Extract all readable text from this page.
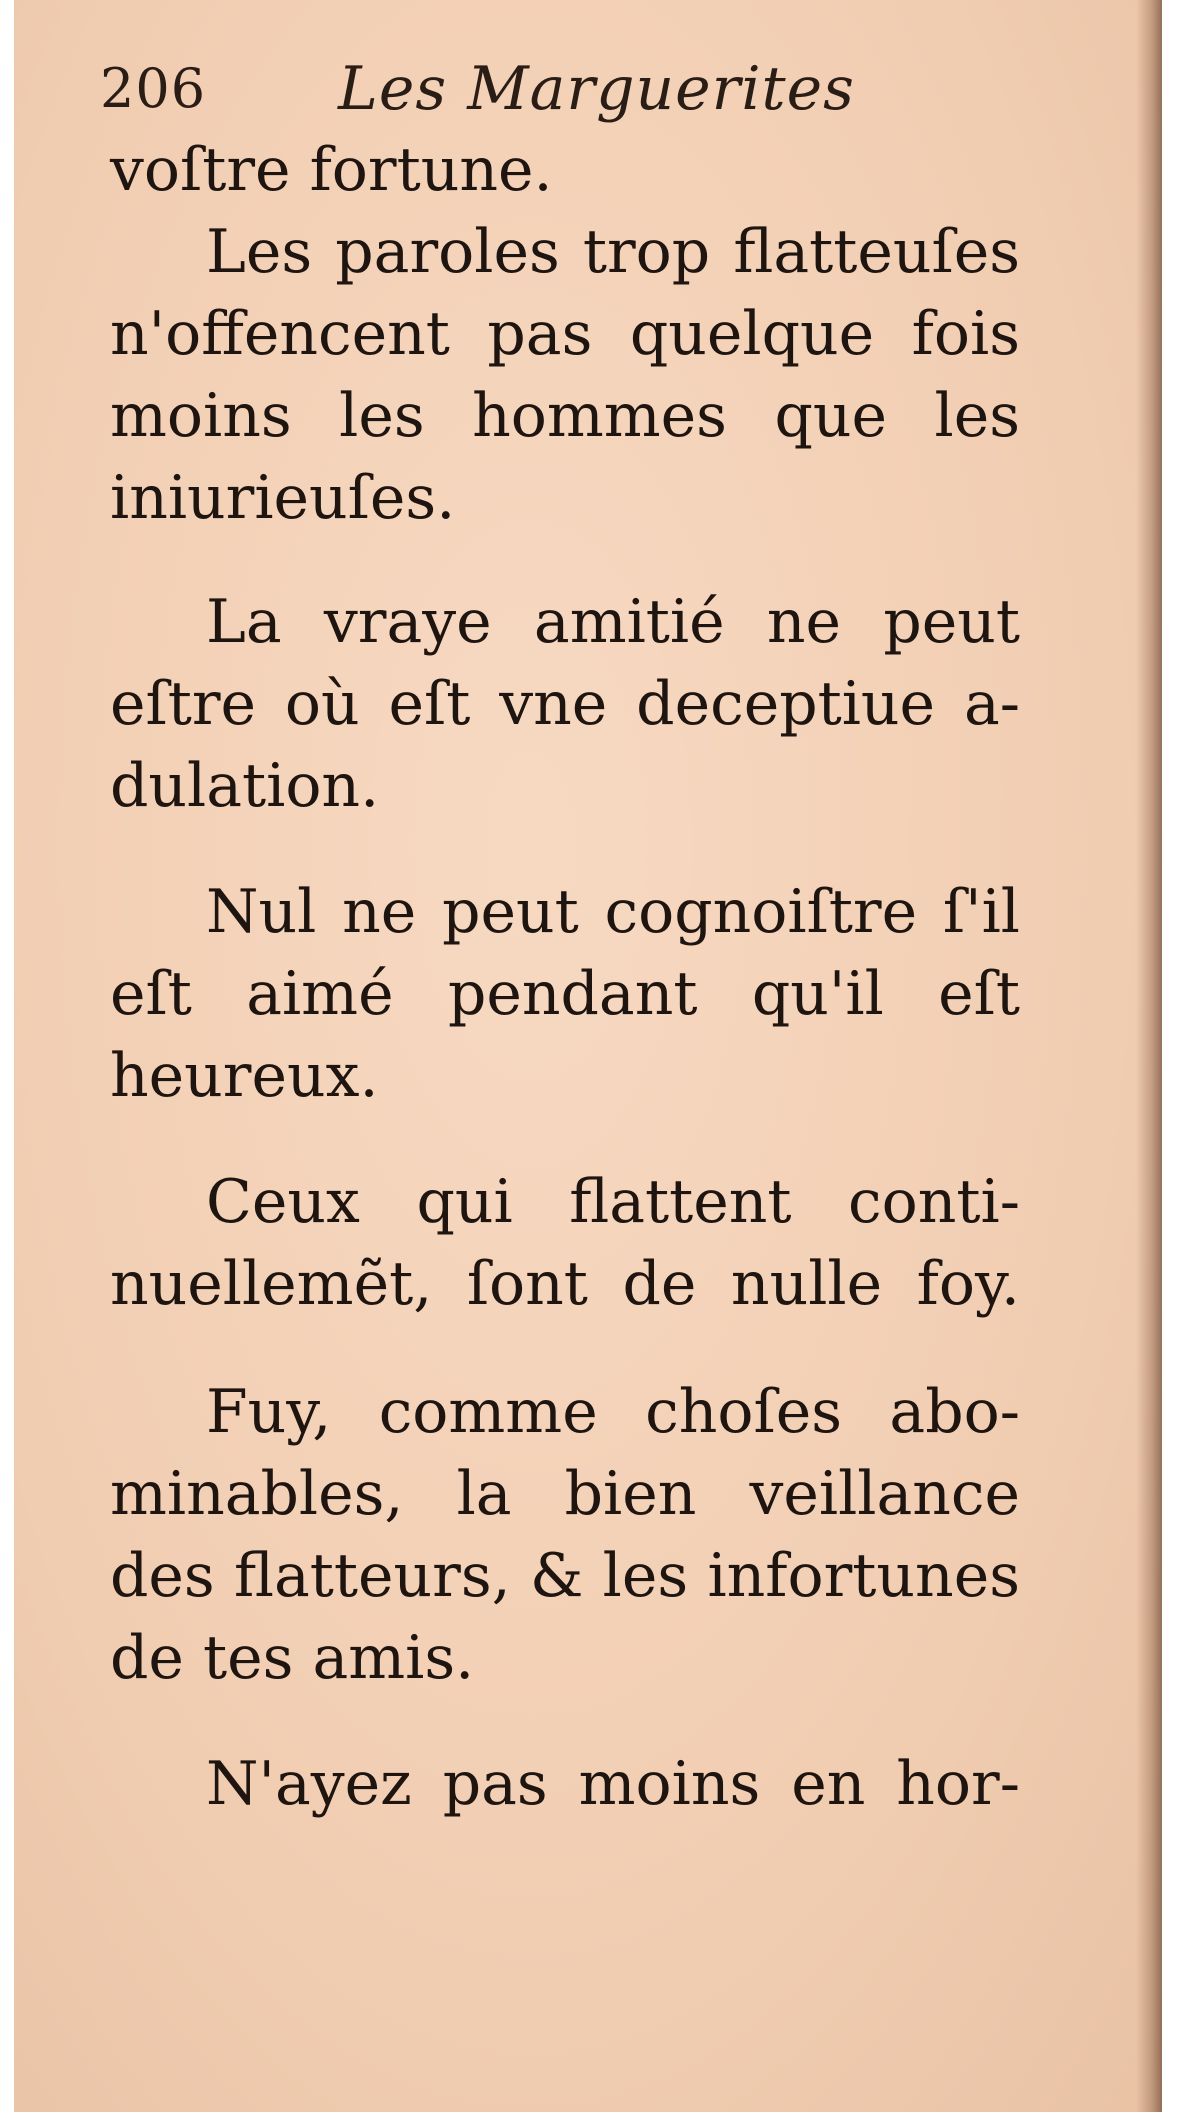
206 Les Marguerites
voſtre fortune.
Les paroles trop flatteuſes
n'offencent pas quelque fois
moins les hommes que les
iniurieuſes.
La vraye amitié ne peut
eſtre où eſt vne deceptiue a-
dulation.
Nul ne peut cognoiſtre ſ'il
eſt aimé pendant qu'il eſt
heureux.
Ceux qui flattent conti-
nuellemẽt, ſont de nulle foy.
Fuy, comme choſes abo-
minables, la bien veillance
des flatteurs, & les infortunes
de tes amis.
N'ayez pas moins en hor-
